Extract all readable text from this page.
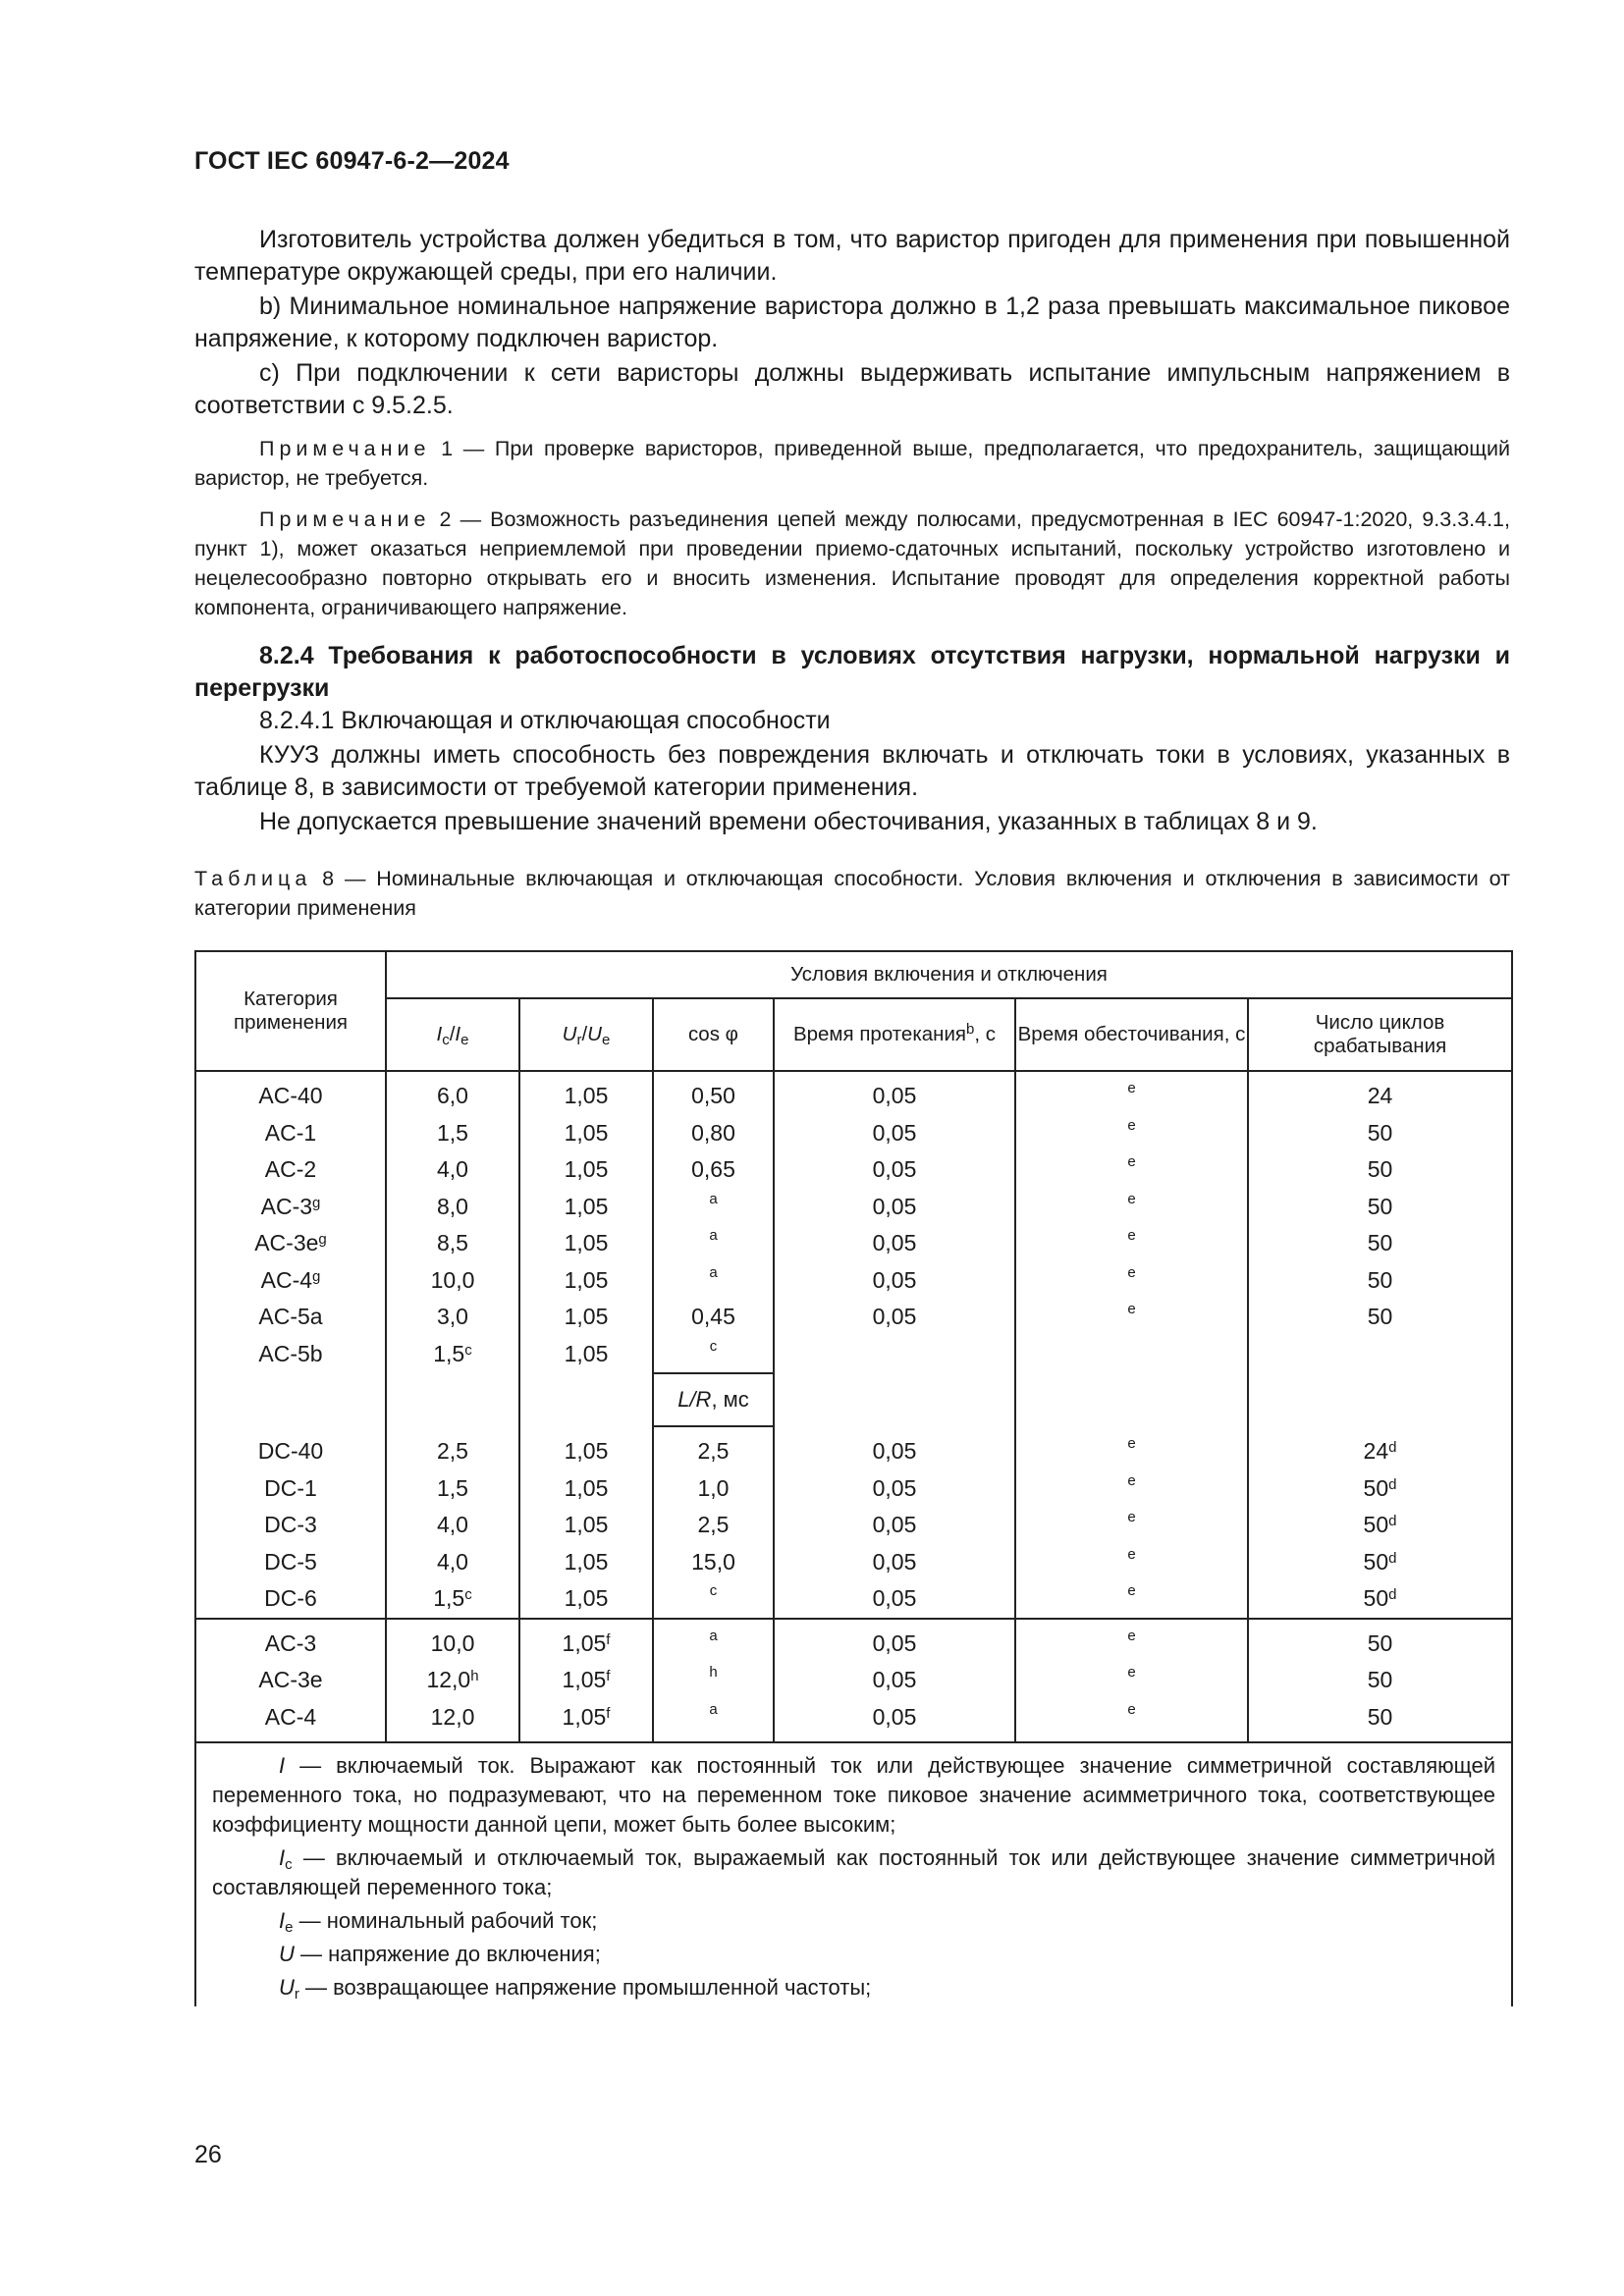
ГОСТ IEC 60947-6-2—2024

Изготовитель устройства должен убедиться в том, что варистор пригоден для применения при повышенной температуре окружающей среды, при его наличии.

b) Минимальное номинальное напряжение варистора должно в 1,2 раза превышать максимальное пиковое напряжение, к которому подключен варистор.

c) При подключении к сети варисторы должны выдерживать испытание импульсным напряжением в соответствии с 9.5.2.5.

Примечание 1 — При проверке варисторов, приведенной выше, предполагается, что предохранитель, защищающий варистор, не требуется.

Примечание 2 — Возможность разъединения цепей между полюсами, предусмотренная в IEC 60947-1:2020, 9.3.3.4.1, пункт 1), может оказаться неприемлемой при проведении приемо-сдаточных испытаний, поскольку устройство изготовлено и нецелесообразно повторно открывать его и вносить изменения. Испытание проводят для определения корректной работы компонента, ограничивающего напряжение.

8.2.4 Требования к работоспособности в условиях отсутствия нагрузки, нормальной нагрузки и перегрузки

8.2.4.1 Включающая и отключающая способности

КУУЗ должны иметь способность без повреждения включать и отключать токи в условиях, указанных в таблице 8, в зависимости от требуемой категории применения.

Не допускается превышение значений времени обесточивания, указанных в таблицах 8 и 9.

Таблица 8 — Номинальные включающая и отключающая способности. Условия включения и отключения в зависимости от категории применения

Категория применения	Условия включения и отключения					
	$I_c/I_e$	$U_r/U_e$	cos φ	Время протекания$^b$, с	Время обесточивания, с	Число циклов срабатывания

AC-40	6,0	1,05	0,50	0,05	e	24
AC-1	1,5	1,05	0,80	0,05	e	50
AC-2	4,0	1,05	0,65	0,05	e	50
AC-3$^g$	8,0	1,05	a	0,05	e	50
$AC-3e^g$	8,5	1,05	a	0,05	e	50
AC-4$^g$	10,0	1,05	a	0,05	e	50
AC-5a	3,0	1,05	0,45	0,05	e	50
AC-5b	1,5$^c$	1,05	c			
			L/R, мс			

DC-40	2,5	1,05	2,5	0,05	e	24$^d$
DC-1	1,5	1,05	1,0	0,05	e	50$^d$
DC-3	4,0	1,05	2,5	0,05	e	50$^d$
DC-5	4,0	1,05	15,0	0,05	e	50$^d$
DC-6	1,5$^c$	1,05	c	0,05	e	50$^d$

AC-3	10,0	1,05$^f$	a	0,05	e	50
AC-3e	12,0$^h$	1,05$^f$	h	0,05	e	50
AC-4	12,0	1,05$^f$	a	0,05	e	50

I — включаемый ток. Выражают как постоянный ток или действующее значение симметричной составляющей переменного тока, но подразумевают, что на переменном токе пиковое значение асимметричного тока, соответствующее коэффициенту мощности данной цепи, может быть более высоким;

$I_c$ — включаемый и отключаемый ток, выражаемый как постоянный ток или действующее значение симметричной составляющей переменного тока;

$I_e$ — номинальный рабочий ток;

U — напряжение до включения;

$U_r$ — возвращающее напряжение промышленной частоты;						

26
